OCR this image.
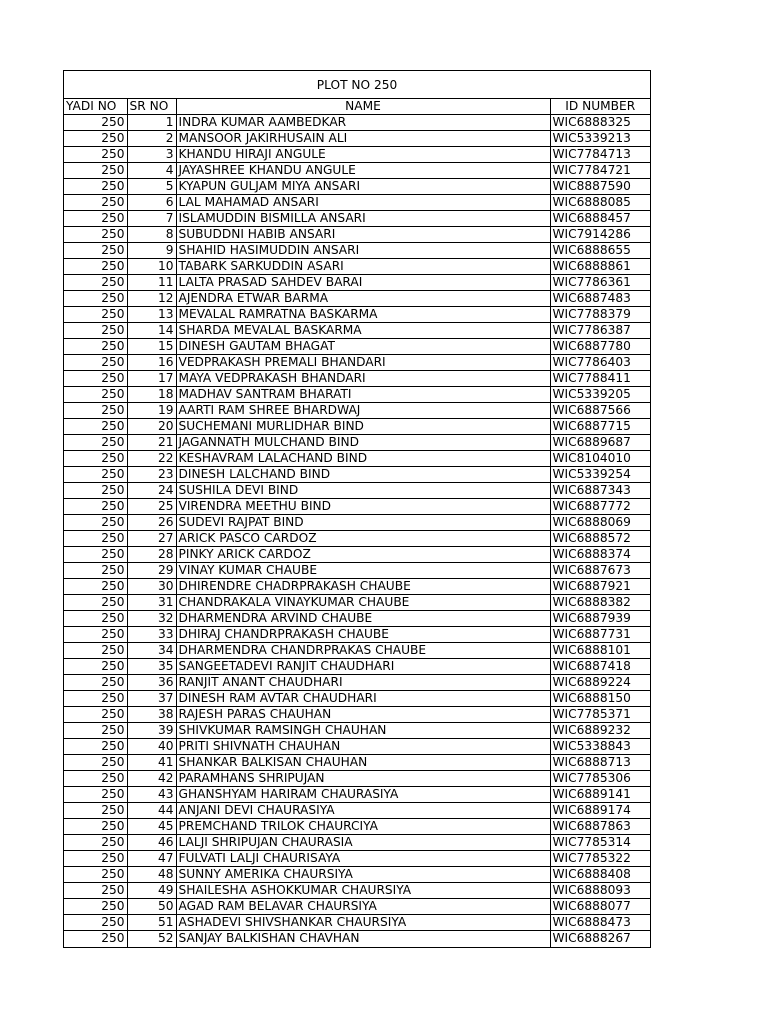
PLOT NO 250
YADI NO	SR NO	NAME	ID NUMBER
250	1	INDRA KUMAR AAMBEDKAR	WIC6888325
250	2	MANSOOR JAKIRHUSAIN ALI	WIC5339213
250	3	KHANDU HIRAJI ANGULE	WIC7784713
250	4	JAYASHREE KHANDU ANGULE	WIC7784721
250	5	KYAPUN GULJAM MIYA ANSARI	WIC8887590
250	6	LAL MAHAMAD ANSARI	WIC6888085
250	7	ISLAMUDDIN BISMILLA ANSARI	WIC6888457
250	8	SUBUDDNI HABIB ANSARI	WIC7914286
250	9	SHAHID HASIMUDDIN ANSARI	WIC6888655
250	10	TABARK SARKUDDIN ASARI	WIC6888861
250	11	LALTA PRASAD SAHDEV BARAI	WIC7786361
250	12	AJENDRA ETWAR BARMA	WIC6887483
250	13	MEVALAL RAMRATNA BASKARMA	WIC7788379
250	14	SHARDA MEVALAL BASKARMA	WIC7786387
250	15	DINESH GAUTAM BHAGAT	WIC6887780
250	16	VEDPRAKASH PREMALI BHANDARI	WIC7786403
250	17	MAYA VEDPRAKASH BHANDARI	WIC7788411
250	18	MADHAV SANTRAM BHARATI	WIC5339205
250	19	AARTI RAM SHREE BHARDWAJ	WIC6887566
250	20	SUCHEMANI MURLIDHAR BIND	WIC6887715
250	21	JAGANNATH MULCHAND BIND	WIC6889687
250	22	KESHAVRAM LALACHAND BIND	WIC8104010
250	23	DINESH LALCHAND BIND	WIC5339254
250	24	SUSHILA DEVI BIND	WIC6887343
250	25	VIRENDRA MEETHU BIND	WIC6887772
250	26	SUDEVI RAJPAT BIND	WIC6888069
250	27	ARICK PASCO CARDOZ	WIC6888572
250	28	PINKY ARICK CARDOZ	WIC6888374
250	29	VINAY KUMAR CHAUBE	WIC6887673
250	30	DHIRENDRE CHADRPRAKASH CHAUBE	WIC6887921
250	31	CHANDRAKALA VINAYKUMAR CHAUBE	WIC6888382
250	32	DHARMENDRA ARVIND CHAUBE	WIC6887939
250	33	DHIRAJ CHANDRPRAKASH CHAUBE	WIC6887731
250	34	DHARMENDRA CHANDRPRAKAS CHAUBE	WIC6888101
250	35	SANGEETADEVI RANJIT CHAUDHARI	WIC6887418
250	36	RANJIT ANANT CHAUDHARI	WIC6889224
250	37	DINESH RAM AVTAR CHAUDHARI	WIC6888150
250	38	RAJESH PARAS CHAUHAN	WIC7785371
250	39	SHIVKUMAR RAMSINGH CHAUHAN	WIC6889232
250	40	PRITI SHIVNATH CHAUHAN	WIC5338843
250	41	SHANKAR BALKISAN CHAUHAN	WIC6888713
250	42	PARAMHANS SHRIPUJAN	WIC7785306
250	43	GHANSHYAM HARIRAM CHAURASIYA	WIC6889141
250	44	ANJANI DEVI CHAURASIYA	WIC6889174
250	45	PREMCHAND TRILOK CHAURCIYA	WIC6887863
250	46	LALJI SHRIPUJAN CHAURASIA	WIC7785314
250	47	FULVATI LALJI CHAURISAYA	WIC7785322
250	48	SUNNY AMERIKA CHAURSIYA	WIC6888408
250	49	SHAILESHA ASHOKKUMAR CHAURSIYA	WIC6888093
250	50	AGAD RAM BELAVAR CHAURSIYA	WIC6888077
250	51	ASHADEVI SHIVSHANKAR CHAURSIYA	WIC6888473
250	52	SANJAY BALKISHAN CHAVHAN	WIC6888267
